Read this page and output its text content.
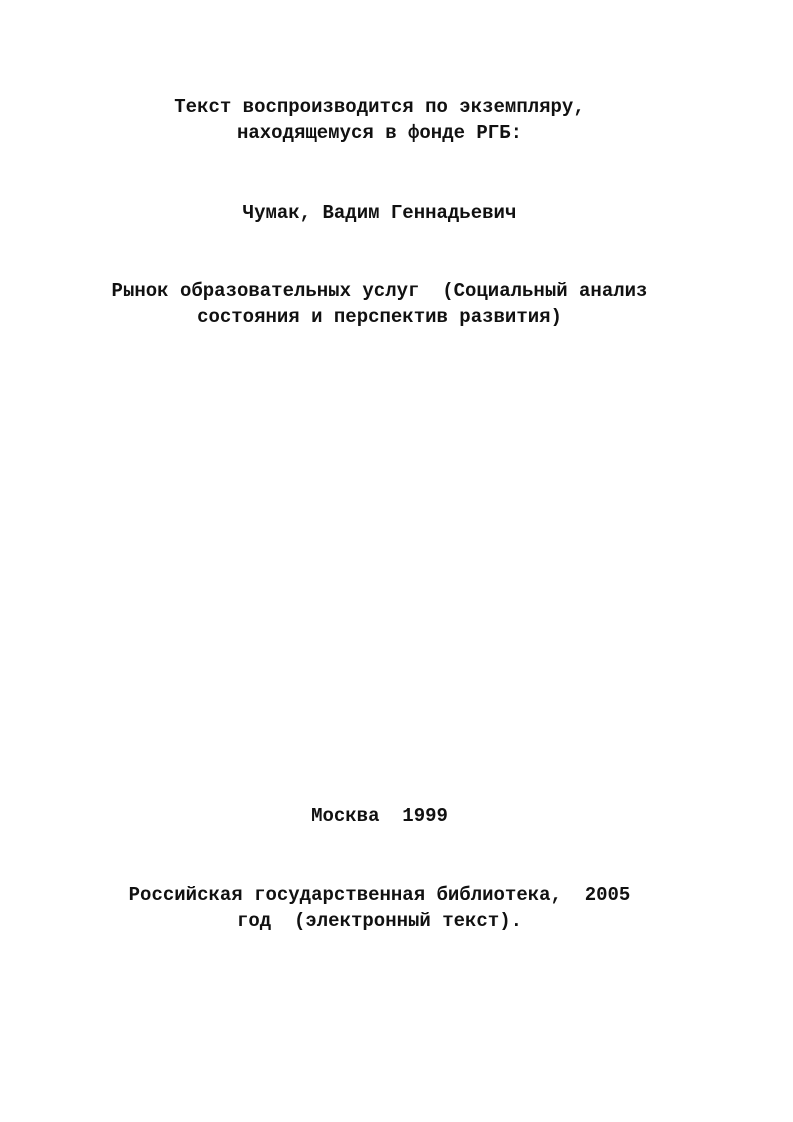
Текст воспроизводится по экземпляру,
находящемуся в фонде РГБ:
Чумак, Вадим Геннадьевич
Рынок образовательных услуг  (Социальный анализ
состояния и перспектив развития)
Москва  1999
Российская государственная библиотека,  2005
год  (электронный текст).
